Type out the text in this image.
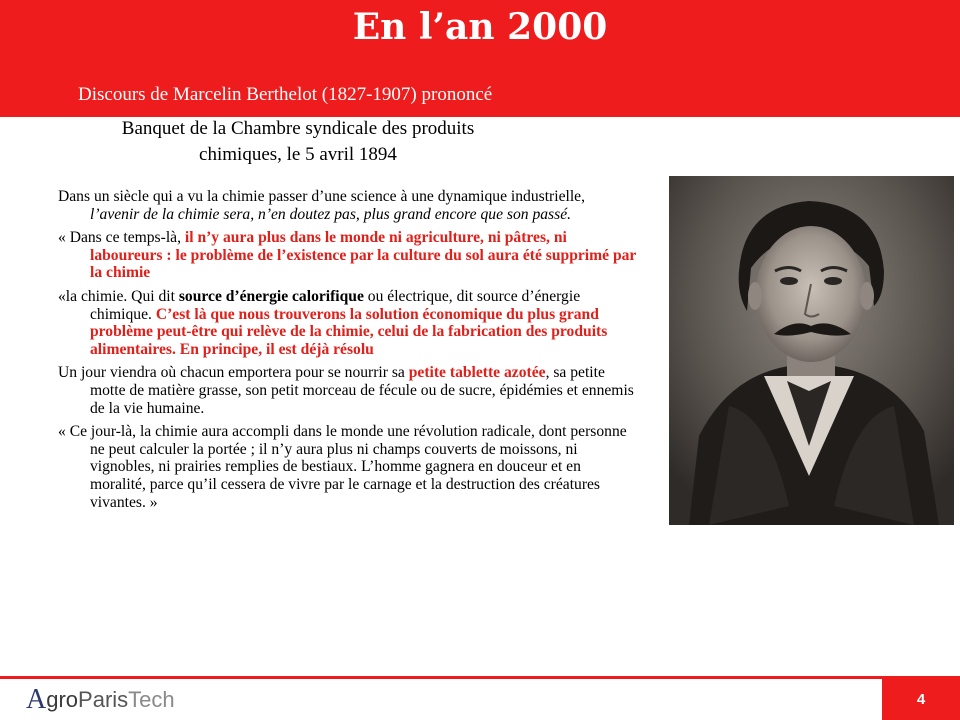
En l’an 2000
Discours de Marcelin Berthelot (1827-1907) prononcé
Banquet de la Chambre syndicale des produits
chimiques, le 5 avril 1894

Dans un siècle qui a vu la chimie passer d’une science à une dynamique industrielle, l’avenir de la chimie sera, n’en doutez pas, plus grand encore que son passé.

« Dans ce temps-là, il n’y aura plus dans le monde ni agriculture, ni pâtres, ni laboureurs : le problème de l’existence par la culture du sol aura été supprimé par la chimie

«la chimie. Qui dit source d’énergie calorifique ou électrique, dit source d’énergie chimique. C’est là que nous trouverons la solution économique du plus grand problème peut-être qui relève de la chimie, celui de la fabrication des produits alimentaires. En principe, il est déjà résolu

Un jour viendra où chacun emportera pour se nourrir sa petite tablette azotée, sa petite motte de matière grasse, son petit morceau de fécule ou de sucre, épidémies et ennemis de la vie humaine.

« Ce jour-là, la chimie aura accompli dans le monde une révolution radicale, dont personne ne peut calculer la portée ; il n’y aura plus ni champs couverts de moissons, ni vignobles, ni prairies remplies de bestiaux. L’homme gagnera en douceur et en moralité, parce qu’il cessera de vivre par le carnage et la destruction des créatures vivantes. »

A gro Paris Tech	4
